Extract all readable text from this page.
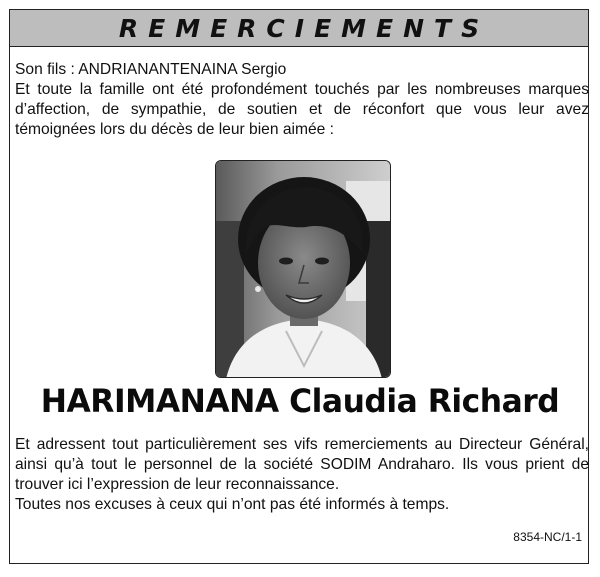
REMERCIEMENTS

Son fils : ANDRIANANTENAINA Sergio

Et toute la famille ont été profondément touchés par les nombreuses marques d’affection, de sympathie, de soutien et de réconfort que vous leur avez témoignées lors du décès de leur bien aimée :

HARIMANANA Claudia Richard

Et adressent tout particulièrement ses vifs remerciements au Directeur Général, ainsi qu’à tout le personnel de la société SODIM Andraharo. Ils vous prient de trouver ici l’expression de leur reconnaissance.

Toutes nos excuses à ceux qui n’ont pas été informés à temps.

8354-NC/1-1
